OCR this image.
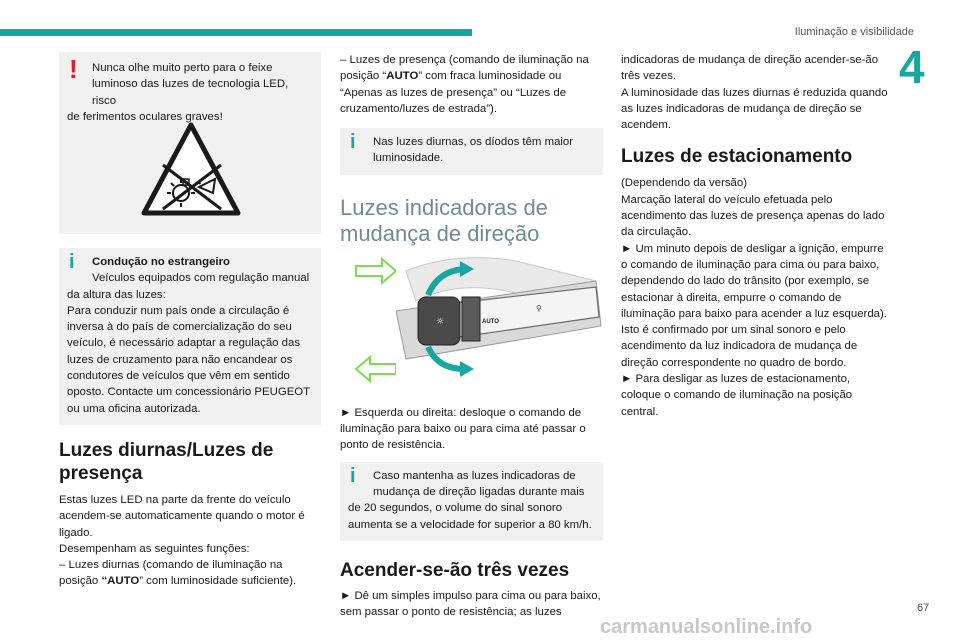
Iluminação e visibilidade
4
!	Nunca olhe muito perto para o feixe

luminoso das luzes de tecnologia LED, risco

de ferimentos oculares graves!

i	Condução no estrangeiro

Veículos equipados com regulação manual

da altura das luzes:
Para conduzir num país onde a circulação é inversa à do país de comercialização do seu veículo, é necessário adaptar a regulação das luzes de cruzamento para não encandear os condutores de veículos que vêm em sentido oposto. Contacte um concessionário PEUGEOT ou uma oficina autorizada.

Luzes diurnas/Luzes de presença

Estas luzes LED na parte da frente do veículo acendem-se automaticamente quando o motor é ligado.
Desempenham as seguintes funções:

– Luzes diurnas (comando de iluminação na posição “AUTO” com luminosidade suficiente).

– Luzes de presença (comando de iluminação na posição “AUTO” com fraca luminosidade ou “Apenas as luzes de presença” ou “Luzes de cruzamento/luzes de estrada”).

i	Nas luzes diurnas, os díodos têm maior luminosidade.

Luzes indicadoras de mudança de direção

► Esquerda ou direita: desloque o comando de iluminação para baixo ou para cima até passar o ponto de resistência.

i	Caso mantenha as luzes indicadoras de

mudança de direção ligadas durante mais

de 20 segundos, o volume do sinal sonoro aumenta se a velocidade for superior a 80 km/h.

Acender-se-ão três vezes

► Dê um simples impulso para cima ou para baixo, sem passar o ponto de resistência; as luzes

☼	AUTO
⚲

indicadoras de mudança de direção acender-se-ão três vezes.
A luminosidade das luzes diurnas é reduzida quando as luzes indicadoras de mudança de direção se acendem.

Luzes de estacionamento

(Dependendo da versão)
Marcação lateral do veículo efetuada pelo acendimento das luzes de presença apenas do lado da circulação.
► Um minuto depois de desligar a ignição, empurre o comando de iluminação para cima ou para baixo, dependendo do lado do trânsito (por exemplo, se estacionar à direita, empurre o comando de iluminação para baixo para acender a luz esquerda). Isto é confirmado por um sinal sonoro e pelo acendimento da luz indicadora de mudança de direção correspondente no quadro de bordo.
► Para desligar as luzes de estacionamento, coloque o comando de iluminação na posição central.

67
carmanualsonline.info
